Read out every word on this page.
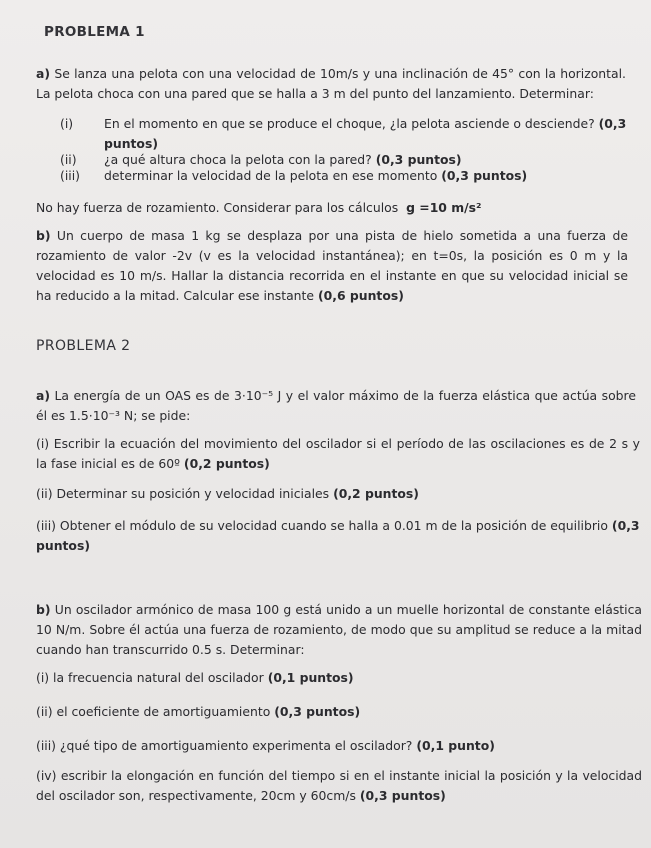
PROBLEMA 1
a) Se lanza una pelota con una velocidad de 10m/s y una inclinación de 45° con la horizontal. La pelota choca con una pared que se halla a 3 m del punto del lanzamiento. Determinar:
(i)	En el momento en que se produce el choque, ¿la pelota asciende o desciende? (0,3 puntos)
(ii)	¿a qué altura choca la pelota con la pared? (0,3 puntos)
(iii)	determinar la velocidad de la pelota en ese momento (0,3 puntos)
No hay fuerza de rozamiento. Considerar para los cálculos g =10 m/s²
b) Un cuerpo de masa 1 kg se desplaza por una pista de hielo sometida a una fuerza de rozamiento de valor -2v (v es la velocidad instantánea); en t=0s, la posición es 0 m y la velocidad es 10 m/s. Hallar la distancia recorrida en el instante en que su velocidad inicial se ha reducido a la mitad. Calcular ese instante (0,6 puntos)
PROBLEMA 2
a) La energía de un OAS es de 3·10⁻⁵ J y el valor máximo de la fuerza elástica que actúa sobre él es 1.5·10⁻³ N; se pide:
(i) Escribir la ecuación del movimiento del oscilador si el período de las oscilaciones es de 2 s y la fase inicial es de 60º (0,2 puntos)
(ii) Determinar su posición y velocidad iniciales (0,2 puntos)
(iii) Obtener el módulo de su velocidad cuando se halla a 0.01 m de la posición de equilibrio (0,3 puntos)
b) Un oscilador armónico de masa 100 g está unido a un muelle horizontal de constante elástica 10 N/m. Sobre él actúa una fuerza de rozamiento, de modo que su amplitud se reduce a la mitad cuando han transcurrido 0.5 s. Determinar:
(i) la frecuencia natural del oscilador (0,1 puntos)
(ii) el coeficiente de amortiguamiento (0,3 puntos)
(iii) ¿qué tipo de amortiguamiento experimenta el oscilador? (0,1 punto)
(iv) escribir la elongación en función del tiempo si en el instante inicial la posición y la velocidad del oscilador son, respectivamente, 20cm y 60cm/s (0,3 puntos)
